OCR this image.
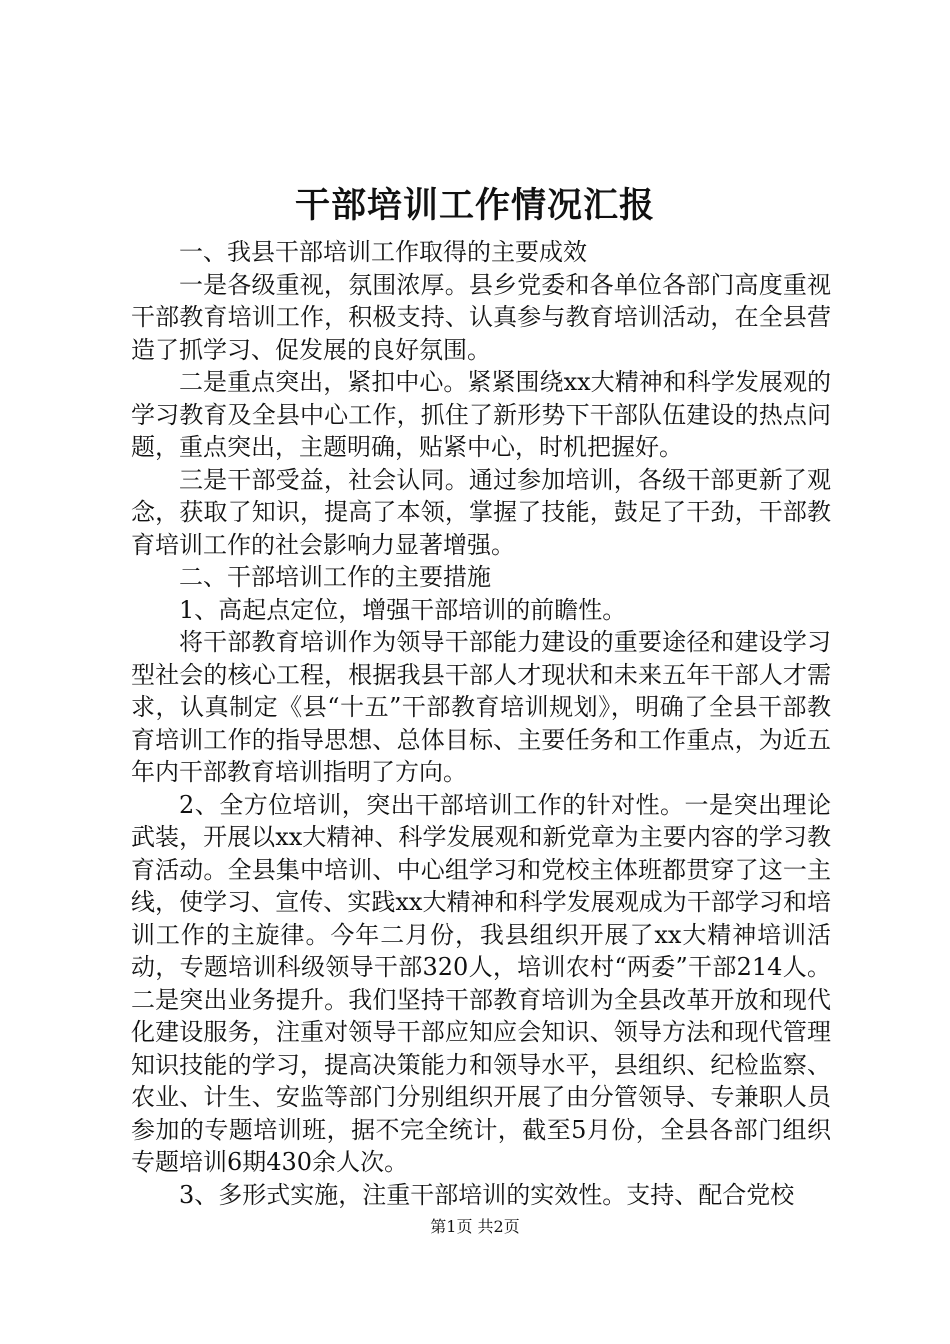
干部培训工作情况汇报

一、我县干部培训工作取得的主要成效

一是各级重视，氛围浓厚。县乡党委和各单位各部门高度重视干部教育培训工作，积极支持、认真参与教育培训活动，在全县营造了抓学习、促发展的良好氛围。

二是重点突出，紧扣中心。紧紧围绕xx大精神和科学发展观的学习教育及全县中心工作，抓住了新形势下干部队伍建设的热点问题，重点突出，主题明确，贴紧中心，时机把握好。

三是干部受益，社会认同。通过参加培训，各级干部更新了观念，获取了知识，提高了本领，掌握了技能，鼓足了干劲，干部教育培训工作的社会影响力显著增强。

二、干部培训工作的主要措施

1、高起点定位，增强干部培训的前瞻性。

将干部教育培训作为领导干部能力建设的重要途径和建设学习型社会的核心工程，根据我县干部人才现状和未来五年干部人才需求，认真制定《县“十五”干部教育培训规划》，明确了全县干部教育培训工作的指导思想、总体目标、主要任务和工作重点，为近五年内干部教育培训指明了方向。

2、全方位培训，突出干部培训工作的针对性。一是突出理论武装，开展以xx大精神、科学发展观和新党章为主要内容的学习教育活动。全县集中培训、中心组学习和党校主体班都贯穿了这一主线，使学习、宣传、实践xx大精神和科学发展观成为干部学习和培训工作的主旋律。今年二月份，我县组织开展了xx大精神培训活动，专题培训科级领导干部320人，培训农村“两委”干部214人。二是突出业务提升。我们坚持干部教育培训为全县改革开放和现代化建设服务，注重对领导干部应知应会知识、领导方法和现代管理知识技能的学习，提高决策能力和领导水平，县组织、纪检监察、农业、计生、安监等部门分别组织开展了由分管领导、专兼职人员参加的专题培训班，据不完全统计，截至5月份，全县各部门组织专题培训6期430余人次。

3、多形式实施，注重干部培训的实效性。支持、配合党校

第1页 共2页
